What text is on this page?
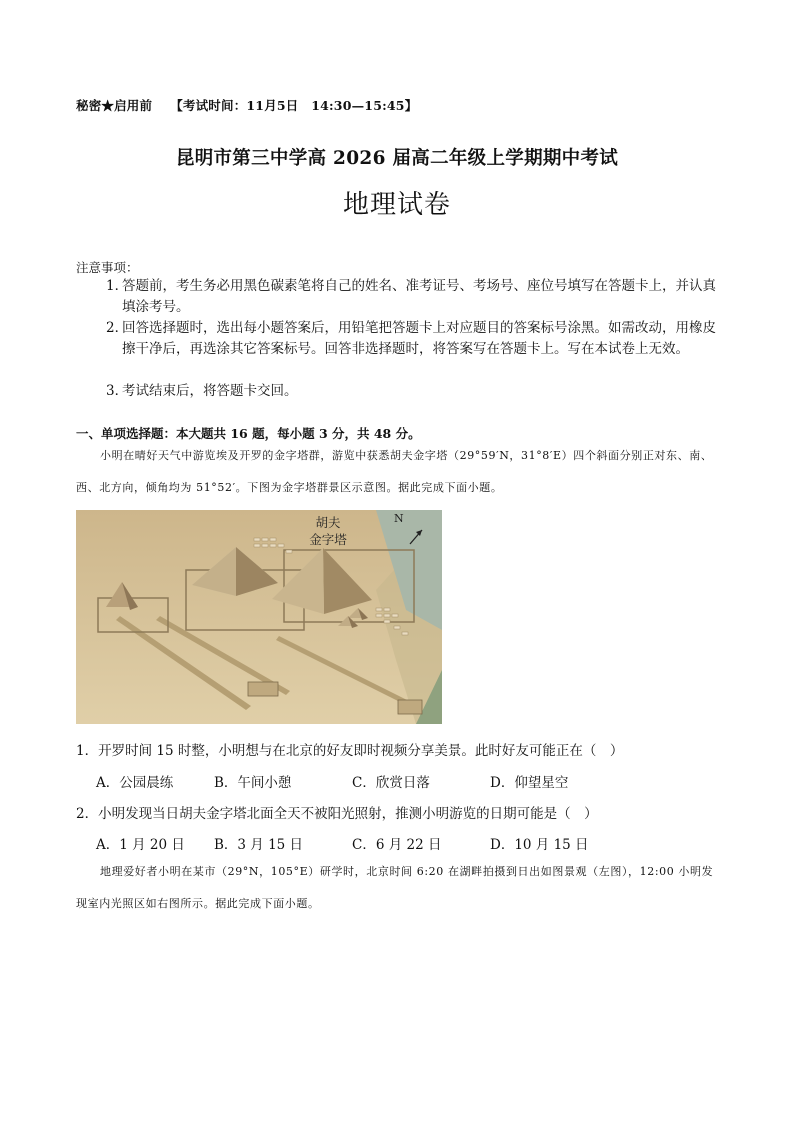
秘密★启用前 【考试时间：11月5日　14:30—15:45】
昆明市第三中学高 2026 届高二年级上学期期中考试
地理试卷
注意事项：
1．
答题前，考生务必用黑色碳素笔将自己的姓名、准考证号、考场号、座位号填写在答题卡上，并认真填涂考号。
2．
回答选择题时，选出每小题答案后，用铅笔把答题卡上对应题目的答案标号涂黑。如需改动，用橡皮擦干净后，再选涂其它答案标号。回答非选择题时，将答案写在答题卡上。写在本试卷上无效。
3．
考试结束后，将答题卡交回。
一、单项选择题：本大题共 16 题，每小题 3 分，共 48 分。
小明在晴好天气中游览埃及开罗的金字塔群，游览中获悉胡夫金字塔（29°59′N，31°8′E）四个斜面分别正对东、南、西、北方向，倾角均为 51°52′。下图为金字塔群景区示意图。据此完成下面小题。
胡夫
金字塔
N
1．开罗时间 15 时整，小明想与在北京的好友即时视频分享美景。此时好友可能正在（　）
A．公园晨练	B．午间小憩	C．欣赏日落	D．仰望星空
2．小明发现当日胡夫金字塔北面全天不被阳光照射，推测小明游览的日期可能是（　）
A．1 月 20 日 B．3 月 15 日	C．6 月 22 日	D．10 月 15 日
地理爱好者小明在某市（29°N，105°E）研学时，北京时间 6:20 在湖畔拍摄到日出如图景观（左图），12:00 小明发现室内光照区如右图所示。据此完成下面小题。
